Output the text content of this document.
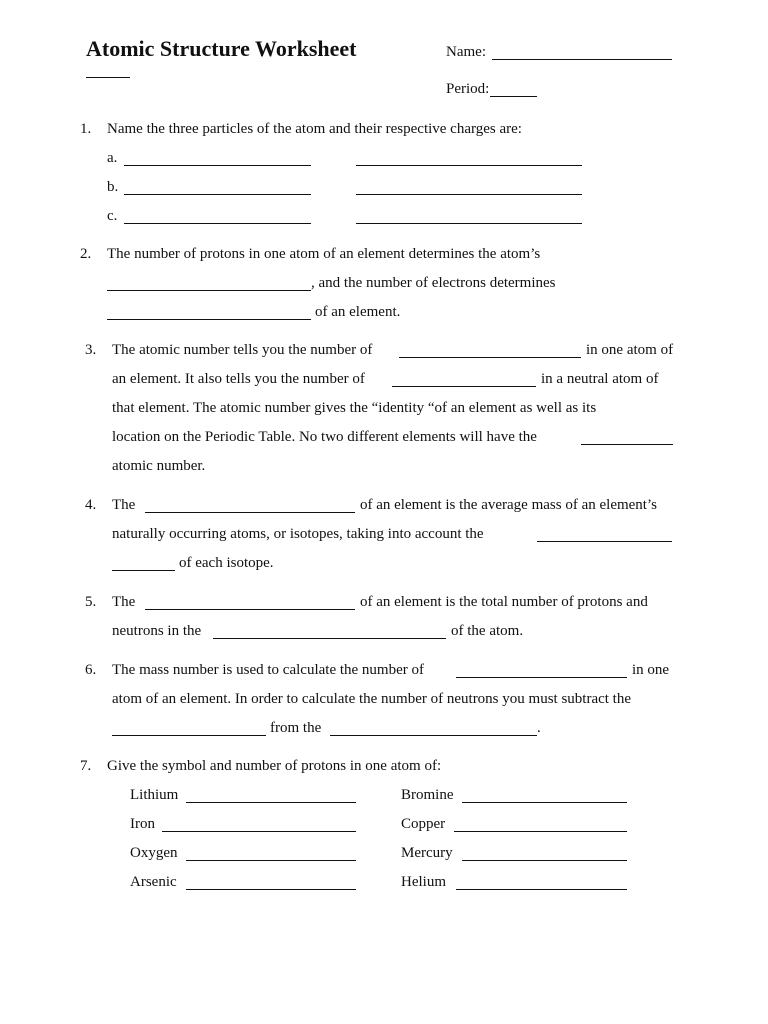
Atomic Structure Worksheet	Name:
Period:
1. Name the three particles of the atom and their respective charges are:
a.
b.
c.
2. The number of protons in one atom of an element determines the atom’s
, and the number of electrons determines
of an element.
3. The atomic number tells you the number of	in one atom of
an element. It also tells you the number of	in a neutral atom of
that element. The atomic number gives the “identity “of an element as well as its
location on the Periodic Table. No two different elements will have the
atomic number.
4. The	of an element is the average mass of an element’s
naturally occurring atoms, or isotopes, taking into account the
of each isotope.
5. The	of an element is the total number of protons and
neutrons in the	of the atom.
6. The mass number is used to calculate the number of	in one
atom of an element. In order to calculate the number of neutrons you must subtract the
from the	.
7. Give the symbol and number of protons in one atom of:
Lithium	Bromine
Iron	Copper
Oxygen	Mercury
Arsenic	Helium
